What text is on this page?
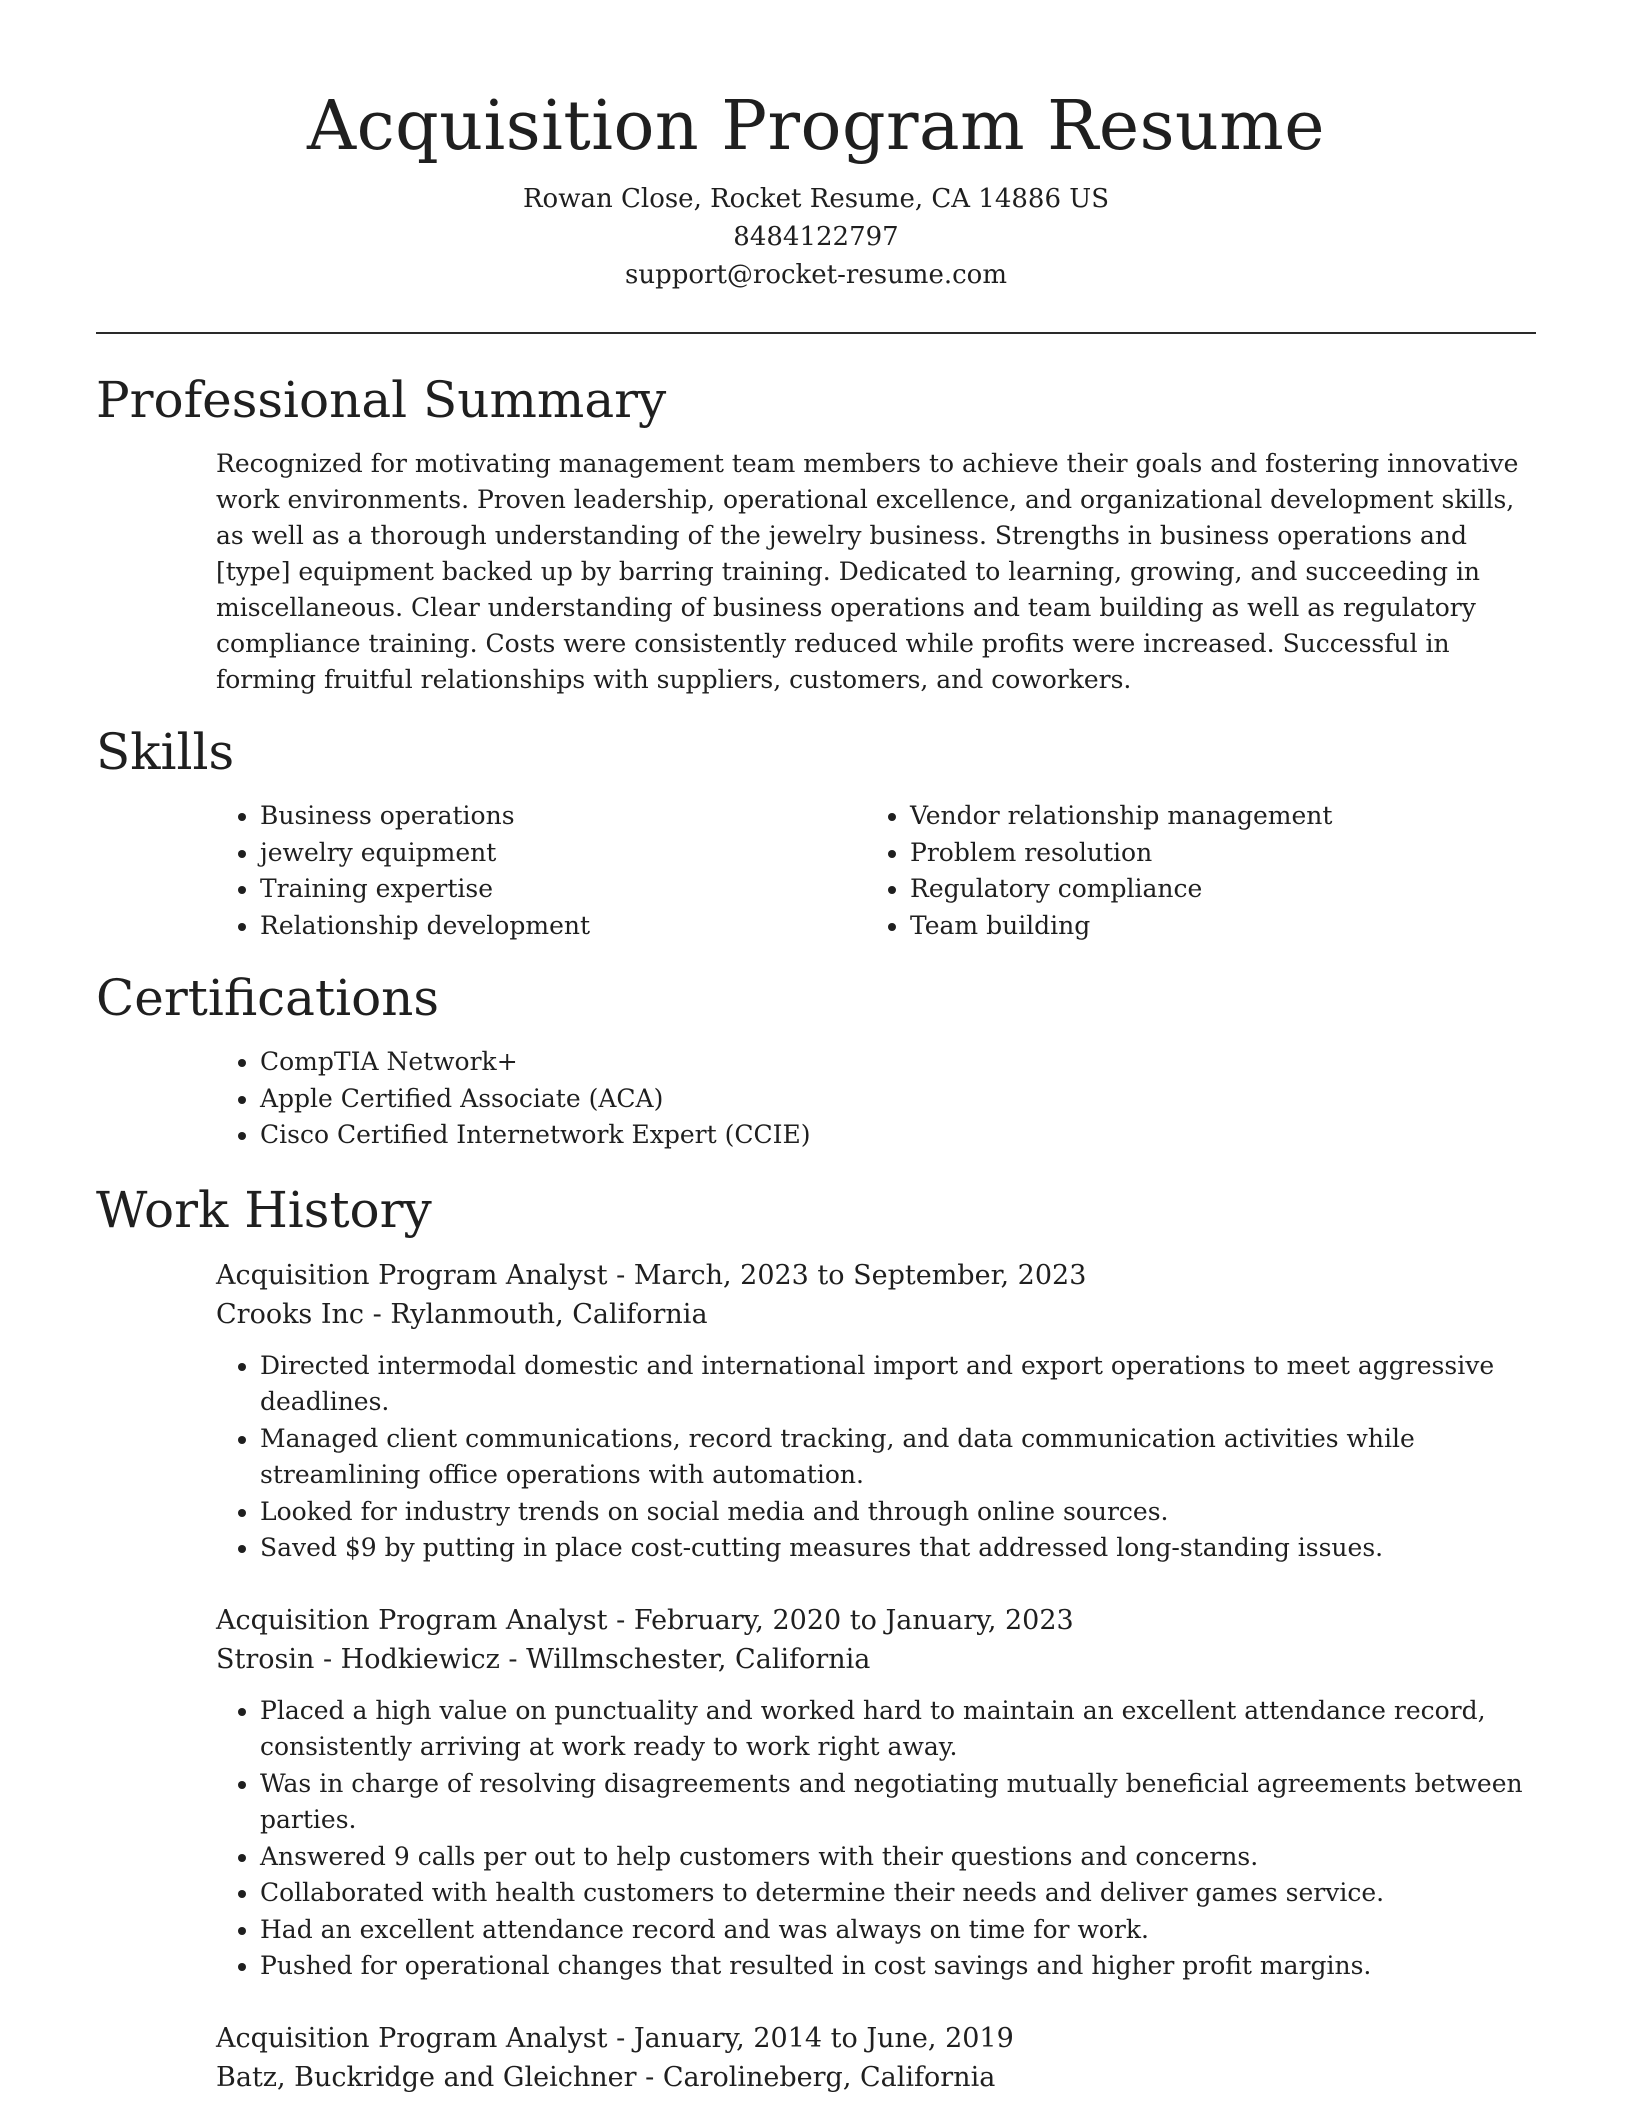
Acquisition Program Resume

Rowan Close, Rocket Resume, CA 14886 US

8484122797

support@rocket-resume.com

Professional Summary

Recognized for motivating management team members to achieve their goals and fostering innovative work environments. Proven leadership, operational excellence, and organizational development skills, as well as a thorough understanding of the jewelry business. Strengths in business operations and [type] equipment backed up by barring training. Dedicated to learning, growing, and succeeding in miscellaneous. Clear understanding of business operations and team building as well as regulatory compliance training. Costs were consistently reduced while profits were increased. Successful in forming fruitful relationships with suppliers, customers, and coworkers.

Skills
• Business operations
• jewelry equipment
• Training expertise
• Relationship development
• Vendor relationship management
• Problem resolution
• Regulatory compliance
• Team building
Certifications
• CompTIA Network+
• Apple Certified Associate (ACA)
• Cisco Certified Internetwork Expert (CCIE)
Work History

Acquisition Program Analyst - March, 2023 to September, 2023

Crooks Inc - Rylanmouth, California

• Directed intermodal domestic and international import and export operations to meet aggressive deadlines.
• Managed client communications, record tracking, and data communication activities while streamlining office operations with automation.
• Looked for industry trends on social media and through online sources.
• Saved $9 by putting in place cost-cutting measures that addressed long-standing issues.

Acquisition Program Analyst - February, 2020 to January, 2023

Strosin - Hodkiewicz - Willmschester, California

• Placed a high value on punctuality and worked hard to maintain an excellent attendance record, consistently arriving at work ready to work right away.
• Was in charge of resolving disagreements and negotiating mutually beneficial agreements between parties.
• Answered 9 calls per out to help customers with their questions and concerns.
• Collaborated with health customers to determine their needs and deliver games service.
• Had an excellent attendance record and was always on time for work.
• Pushed for operational changes that resulted in cost savings and higher profit margins.

Acquisition Program Analyst - January, 2014 to June, 2019

Batz, Buckridge and Gleichner - Carolineberg, California
